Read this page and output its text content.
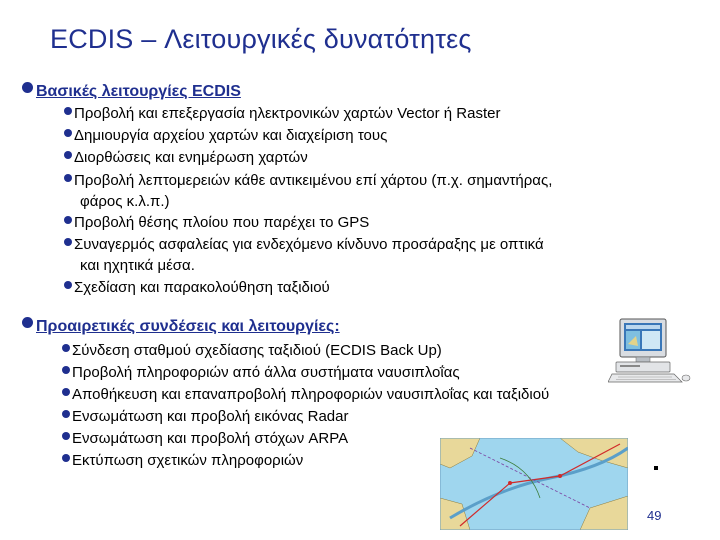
ECDIS – Λειτουργικές δυνατότητες
Βασικές λειτουργίες ECDIS
Προβολή και επεξεργασία ηλεκτρονικών χαρτών Vector ή Raster
Δημιουργία αρχείου χαρτών και διαχείριση τους
Διορθώσεις και ενημέρωση χαρτών
Προβολή λεπτομερειών κάθε αντικειμένου επί χάρτου (π.χ. σημαντήρας,
φάρος κ.λ.π.)
Προβολή θέσης πλοίου που παρέχει το GPS
Συναγερμός ασφαλείας για ενδεχόμενο κίνδυνο προσάραξης με οπτικά
και ηχητικά μέσα.
Σχεδίαση και παρακολούθηση ταξιδιού
Προαιρετικές συνδέσεις και λειτουργίες:
Σύνδεση σταθμού σχεδίασης ταξιδιού (ECDIS Back Up)
Προβολή πληροφοριών από άλλα συστήματα ναυσιπλοΐας
Αποθήκευση και επαναπροβολή πληροφοριών ναυσιπλοΐας και ταξιδιού
Ενσωμάτωση και προβολή εικόνας Radar
Ενσωμάτωση και προβολή στόχων ARPA
Εκτύπωση σχετικών πληροφοριών
49
